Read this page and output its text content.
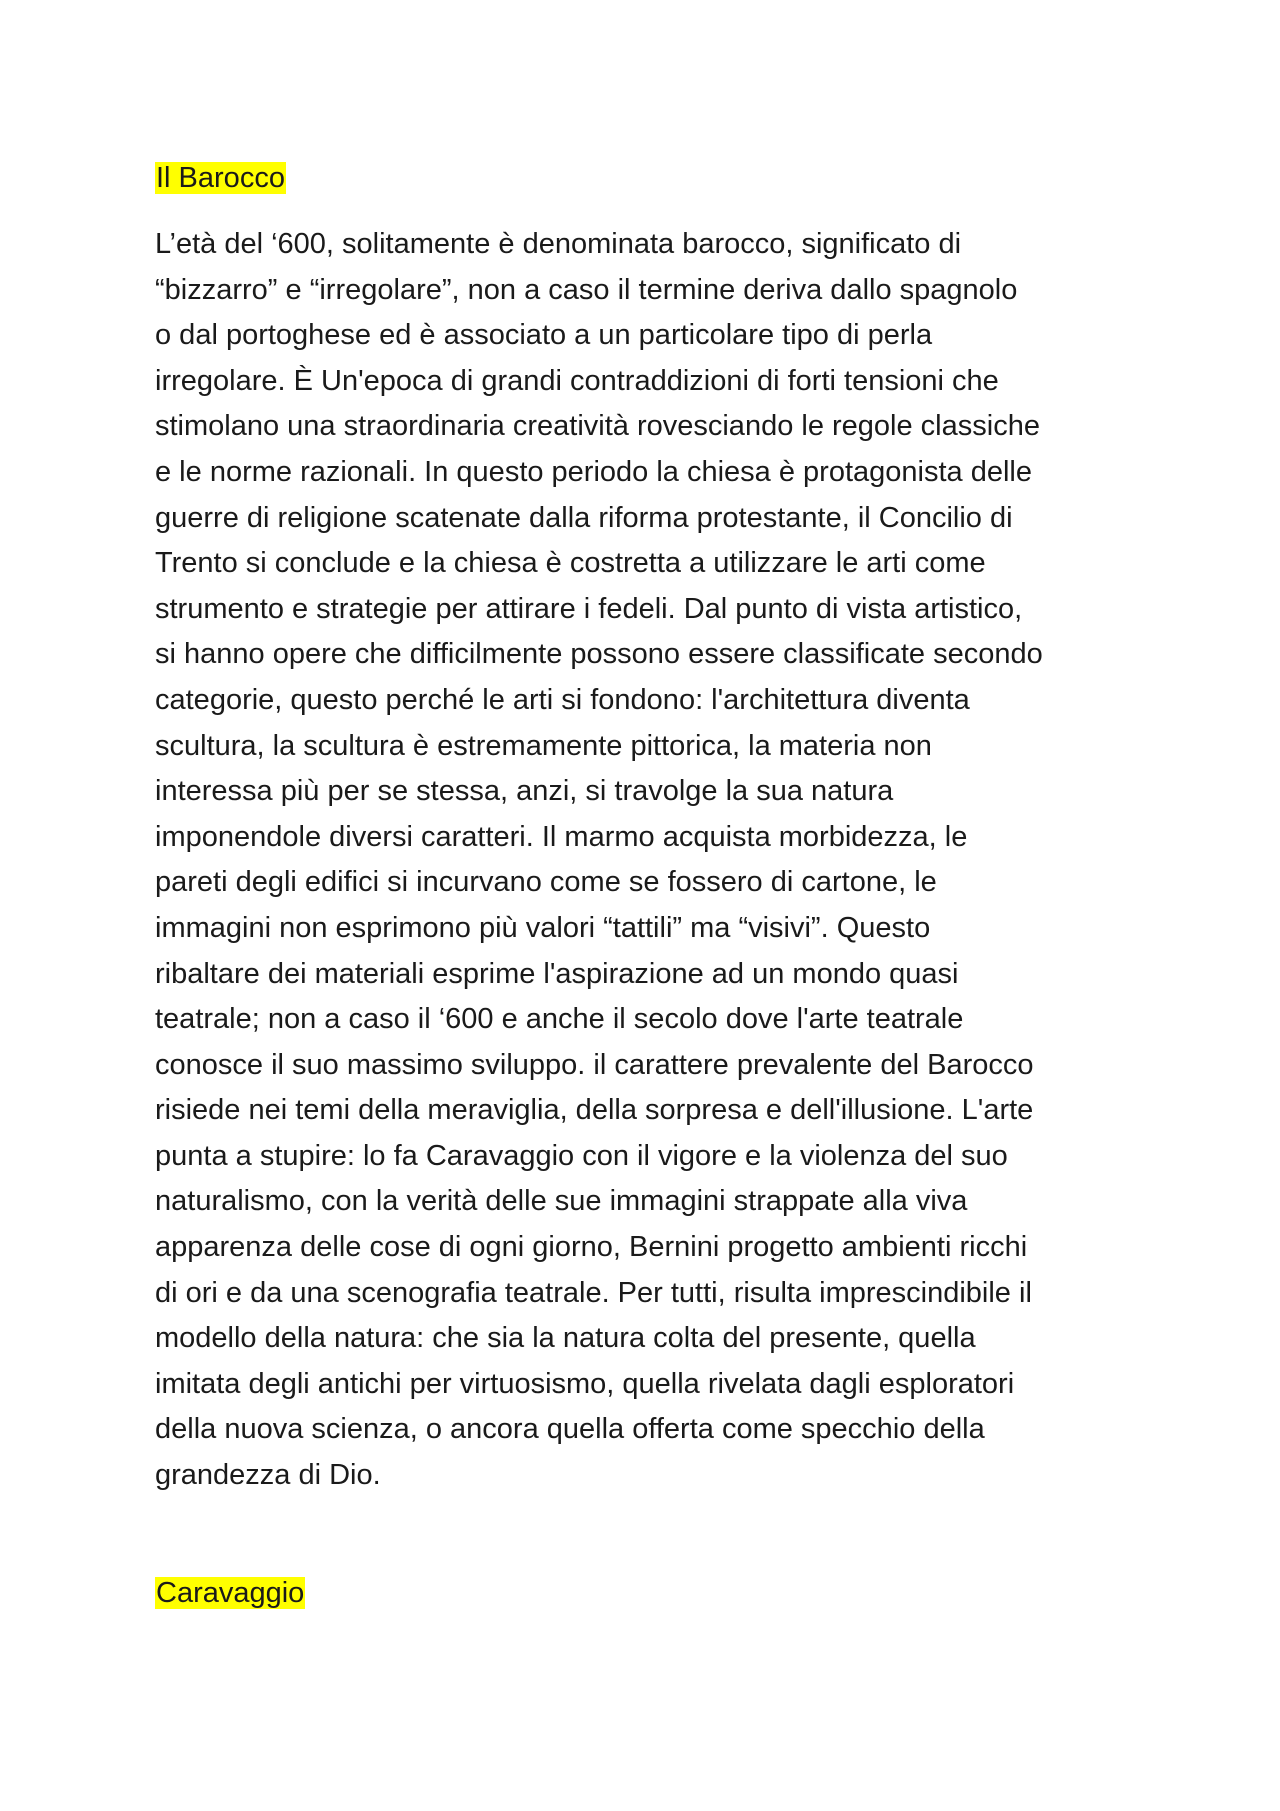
Il Barocco

L’età del ‘600, solitamente è denominata barocco, significato di
“bizzarro” e “irregolare”, non a caso il termine deriva dallo spagnolo
o dal portoghese ed è associato a un particolare tipo di perla
irregolare. È Un'epoca di grandi contraddizioni di forti tensioni che
stimolano una straordinaria creatività rovesciando le regole classiche
e le norme razionali. In questo periodo la chiesa è protagonista delle
guerre di religione scatenate dalla riforma protestante, il Concilio di
Trento si conclude e la chiesa è costretta a utilizzare le arti come
strumento e strategie per attirare i fedeli. Dal punto di vista artistico,
si hanno opere che difficilmente possono essere classificate secondo
categorie, questo perché le arti si fondono: l'architettura diventa
scultura, la scultura è estremamente pittorica, la materia non
interessa più per se stessa, anzi, si travolge la sua natura
imponendole diversi caratteri. Il marmo acquista morbidezza, le
pareti degli edifici si incurvano come se fossero di cartone, le
immagini non esprimono più valori “tattili” ma “visivi”. Questo
ribaltare dei materiali esprime l'aspirazione ad un mondo quasi
teatrale; non a caso il ‘600 e anche il secolo dove l'arte teatrale
conosce il suo massimo sviluppo. il carattere prevalente del Barocco
risiede nei temi della meraviglia, della sorpresa e dell'illusione. L'arte
punta a stupire: lo fa Caravaggio con il vigore e la violenza del suo
naturalismo, con la verità delle sue immagini strappate alla viva
apparenza delle cose di ogni giorno, Bernini progetto ambienti ricchi
di ori e da una scenografia teatrale. Per tutti, risulta imprescindibile il
modello della natura: che sia la natura colta del presente, quella
imitata degli antichi per virtuosismo, quella rivelata dagli esploratori
della nuova scienza, o ancora quella offerta come specchio della
grandezza di Dio.

Caravaggio
